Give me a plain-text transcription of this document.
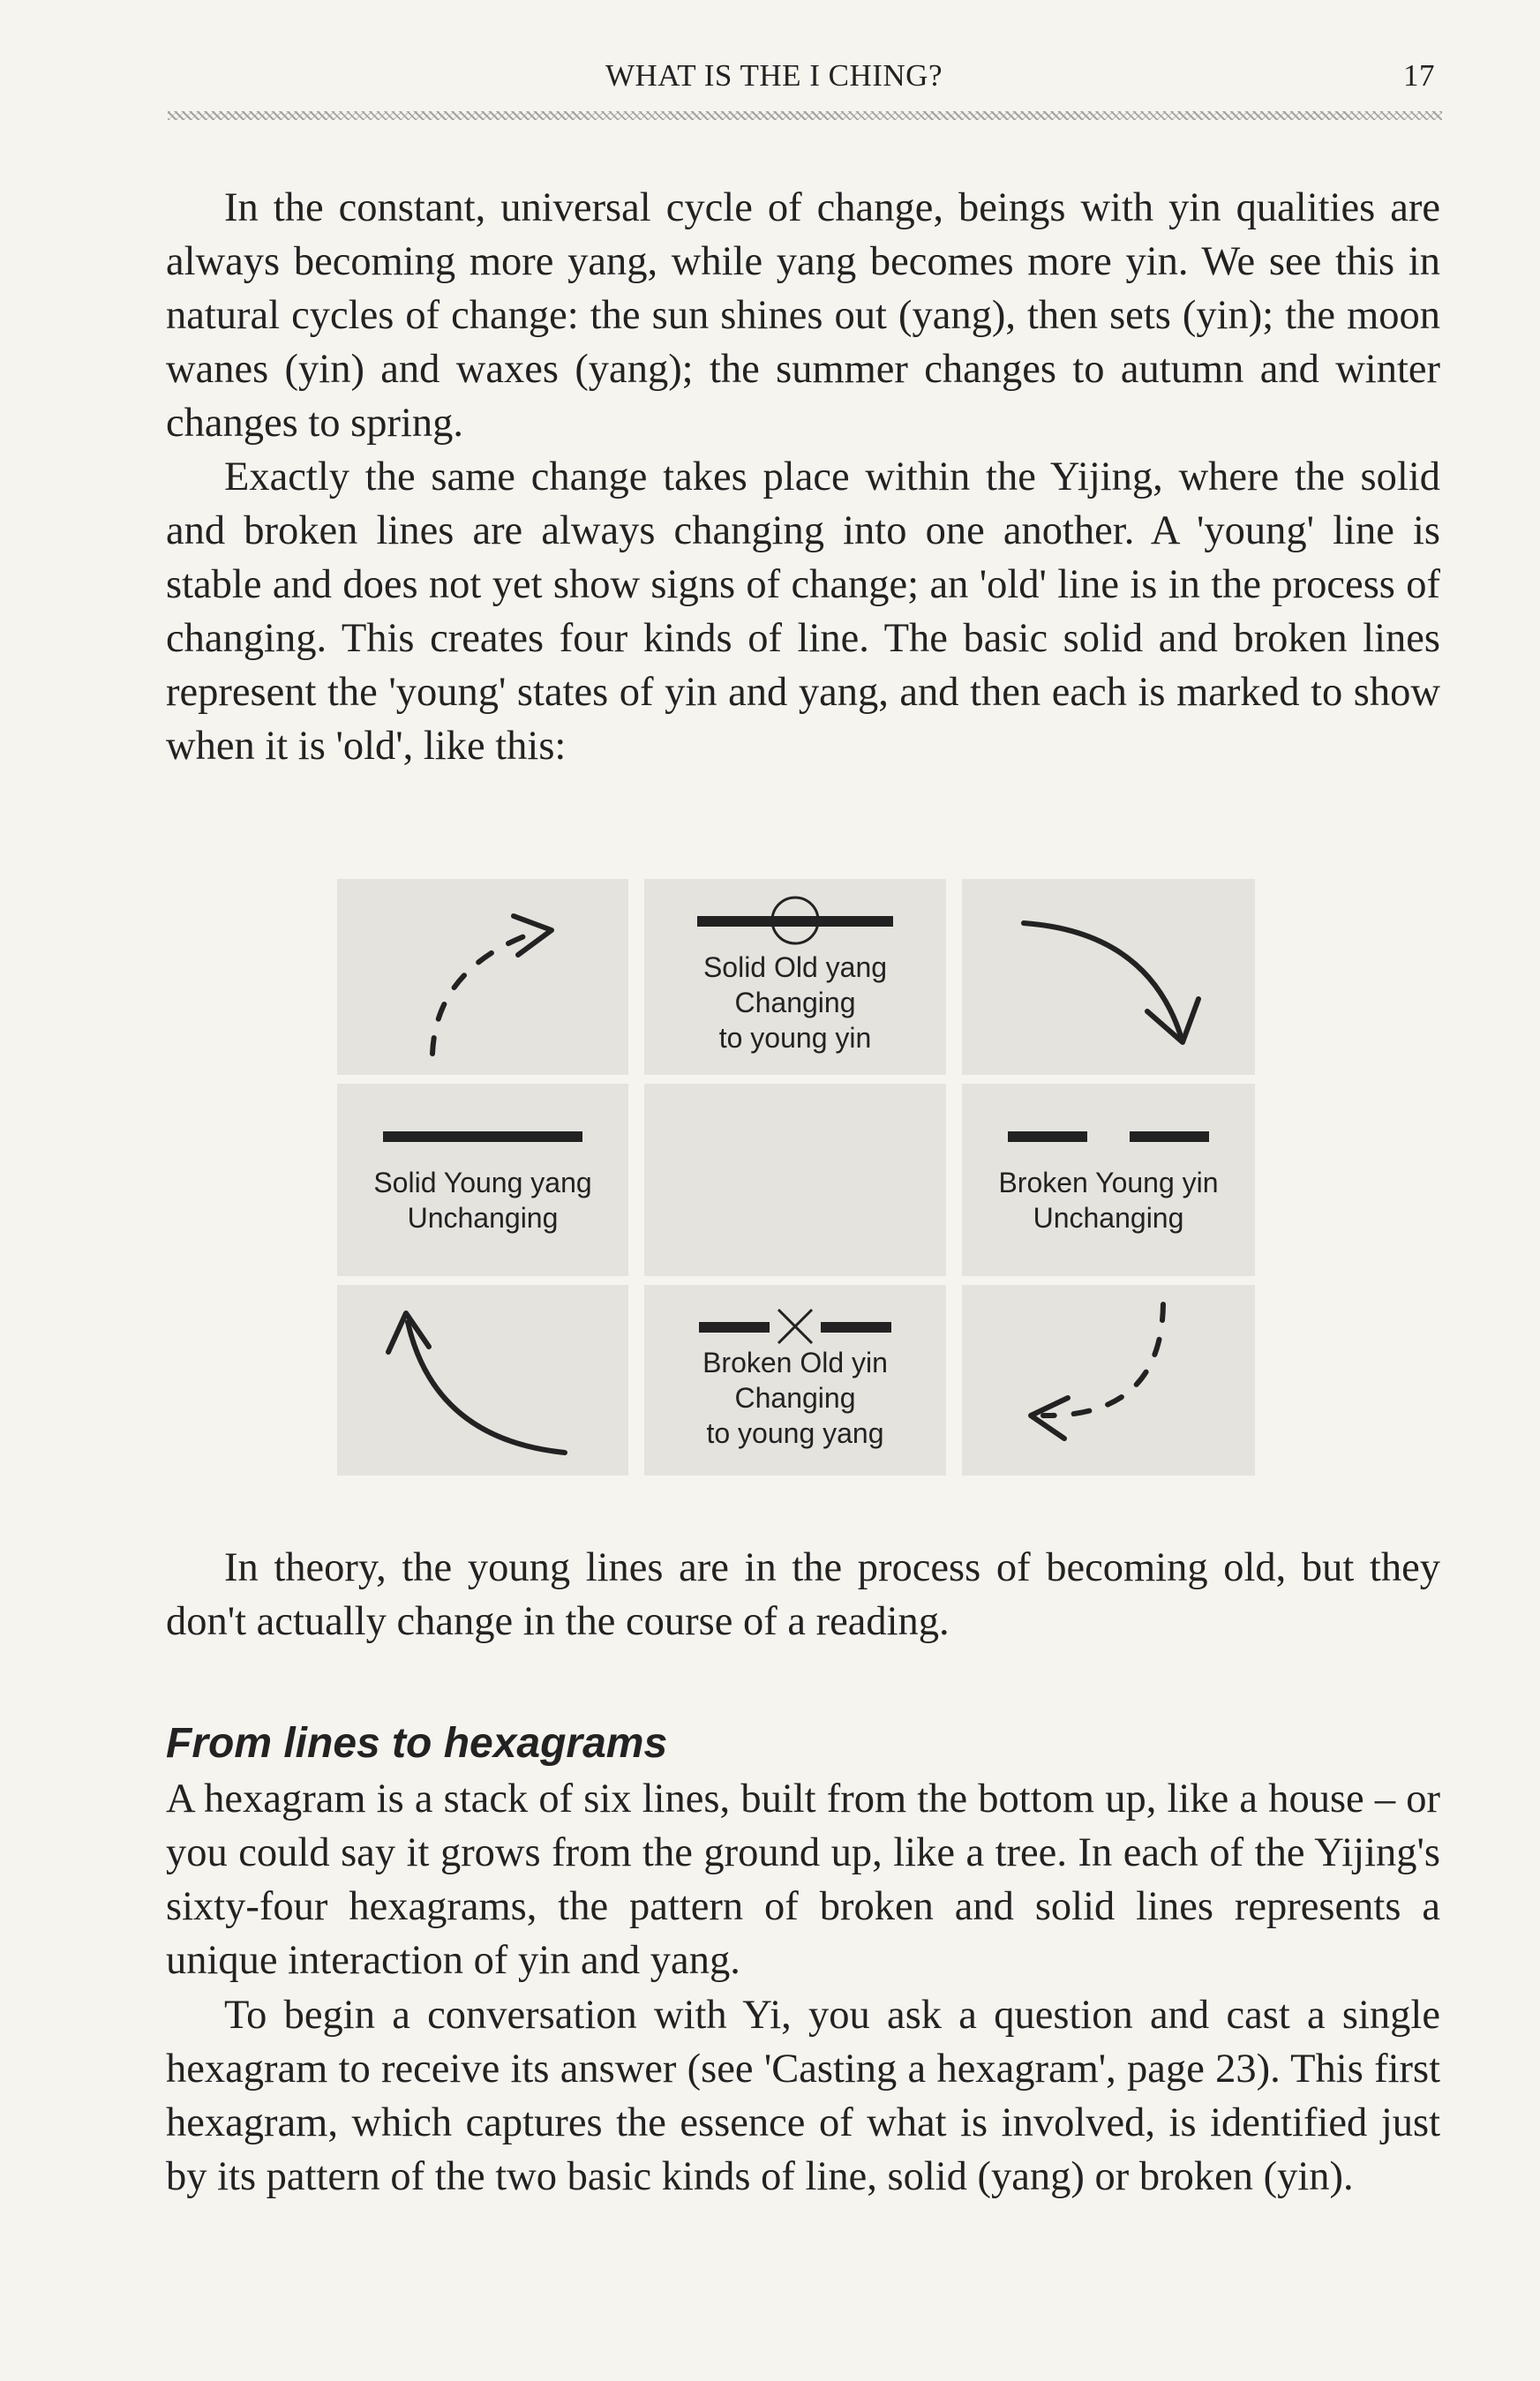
WHAT IS THE I CHING?	17

In the constant, universal cycle of change, beings with yin qualities are always becoming more yang, while yang becomes more yin. We see this in natural cycles of change: the sun shines out (yang), then sets (yin); the moon wanes (yin) and waxes (yang); the summer changes to autumn and winter changes to spring.

Exactly the same change takes place within the Yijing, where the solid and broken lines are always changing into one another. A 'young' line is stable and does not yet show signs of change; an 'old' line is in the process of changing. This creates four kinds of line. The basic solid and broken lines represent the 'young' states of yin and yang, and then each is marked to show when it is 'old', like this:

Solid Old yang
Changing
to young yin
Solid Young yang
Unchanging
Broken Young yin
Unchanging
Broken Old yin
Changing
to young yang

In theory, the young lines are in the process of becoming old, but they don't actually change in the course of a reading.

From lines to hexagrams

A hexagram is a stack of six lines, built from the bottom up, like a house – or you could say it grows from the ground up, like a tree. In each of the Yijing's sixty-four hexagrams, the pattern of broken and solid lines represents a unique interaction of yin and yang.

To begin a conversation with Yi, you ask a question and cast a single hexagram to receive its answer (see 'Casting a hexagram', page 23). This first hexagram, which captures the essence of what is involved, is identified just by its pattern of the two basic kinds of line, solid (yang) or broken (yin).
